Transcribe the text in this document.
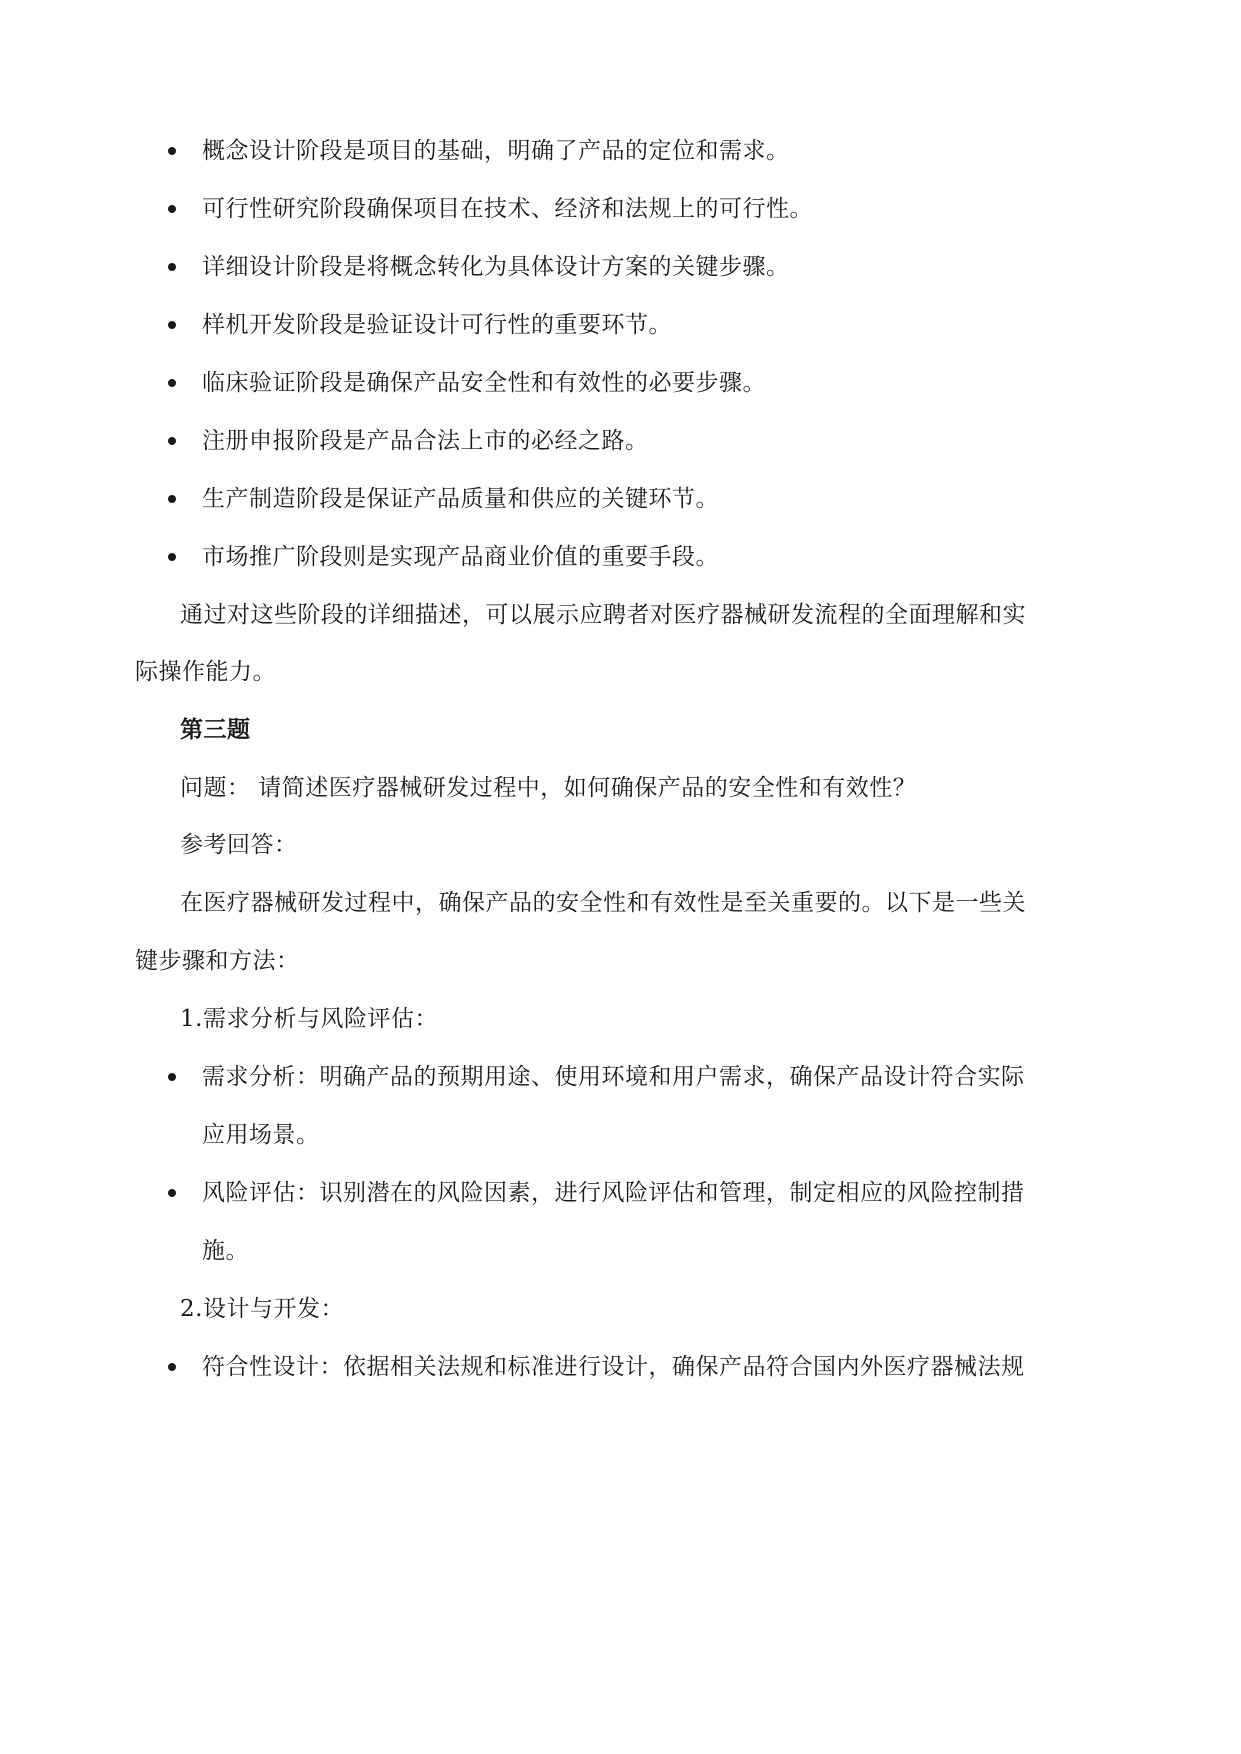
概念设计阶段是项目的基础，明确了产品的定位和需求。
可行性研究阶段确保项目在技术、经济和法规上的可行性。
详细设计阶段是将概念转化为具体设计方案的关键步骤。
样机开发阶段是验证设计可行性的重要环节。
临床验证阶段是确保产品安全性和有效性的必要步骤。
注册申报阶段是产品合法上市的必经之路。
生产制造阶段是保证产品质量和供应的关键环节。
市场推广阶段则是实现产品商业价值的重要手段。
通过对这些阶段的详细描述，可以展示应聘者对医疗器械研发流程的全面理解和实
际操作能力。
第三题
问题： 请简述医疗器械研发过程中，如何确保产品的安全性和有效性？
参考回答：
在医疗器械研发过程中，确保产品的安全性和有效性是至关重要的。以下是一些关
键步骤和方法：
1.需求分析与风险评估：
需求分析：明确产品的预期用途、使用环境和用户需求，确保产品设计符合实际
应用场景。
风险评估：识别潜在的风险因素，进行风险评估和管理，制定相应的风险控制措
施。
2.设计与开发：
符合性设计：依据相关法规和标准进行设计，确保产品符合国内外医疗器械法规
